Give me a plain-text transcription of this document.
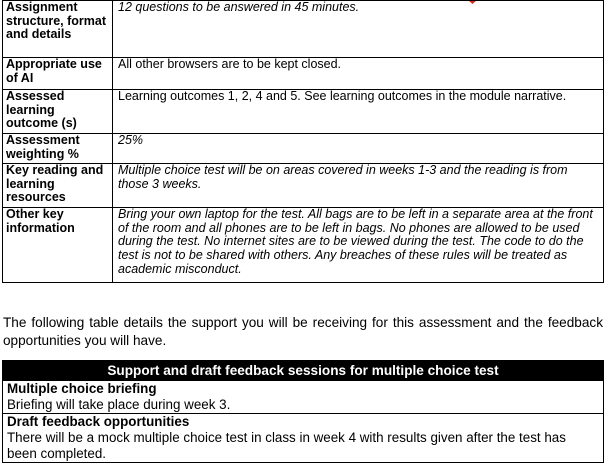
Assignment structure, format and details	12 questions to be answered in 45 minutes.
Appropriate use of AI	All other browsers are to be kept closed.
Assessed learning outcome (s)	Learning outcomes 1, 2, 4 and 5. See learning outcomes in the module narrative.
Assessment weighting %	25%
Key reading and learning resources	Multiple choice test will be on areas covered in weeks 1-3 and the reading is from those 3 weeks.
Other key information	Bring your own laptop for the test. All bags are to be left in a separate area at the front of the room and all phones are to be left in bags. No phones are allowed to be used during the test. No internet sites are to be viewed during the test. The code to do the test is not to be shared with others. Any breaches of these rules will be treated as academic misconduct.
The following table details the support you will be receiving for this assessment and the feedback opportunities you will have.
Support and draft feedback sessions for multiple choice test

Multiple choice briefing
Briefing will take place during week 3.

Draft feedback opportunities
There will be a mock multiple choice test in class in week 4 with results given after the test has been completed.
